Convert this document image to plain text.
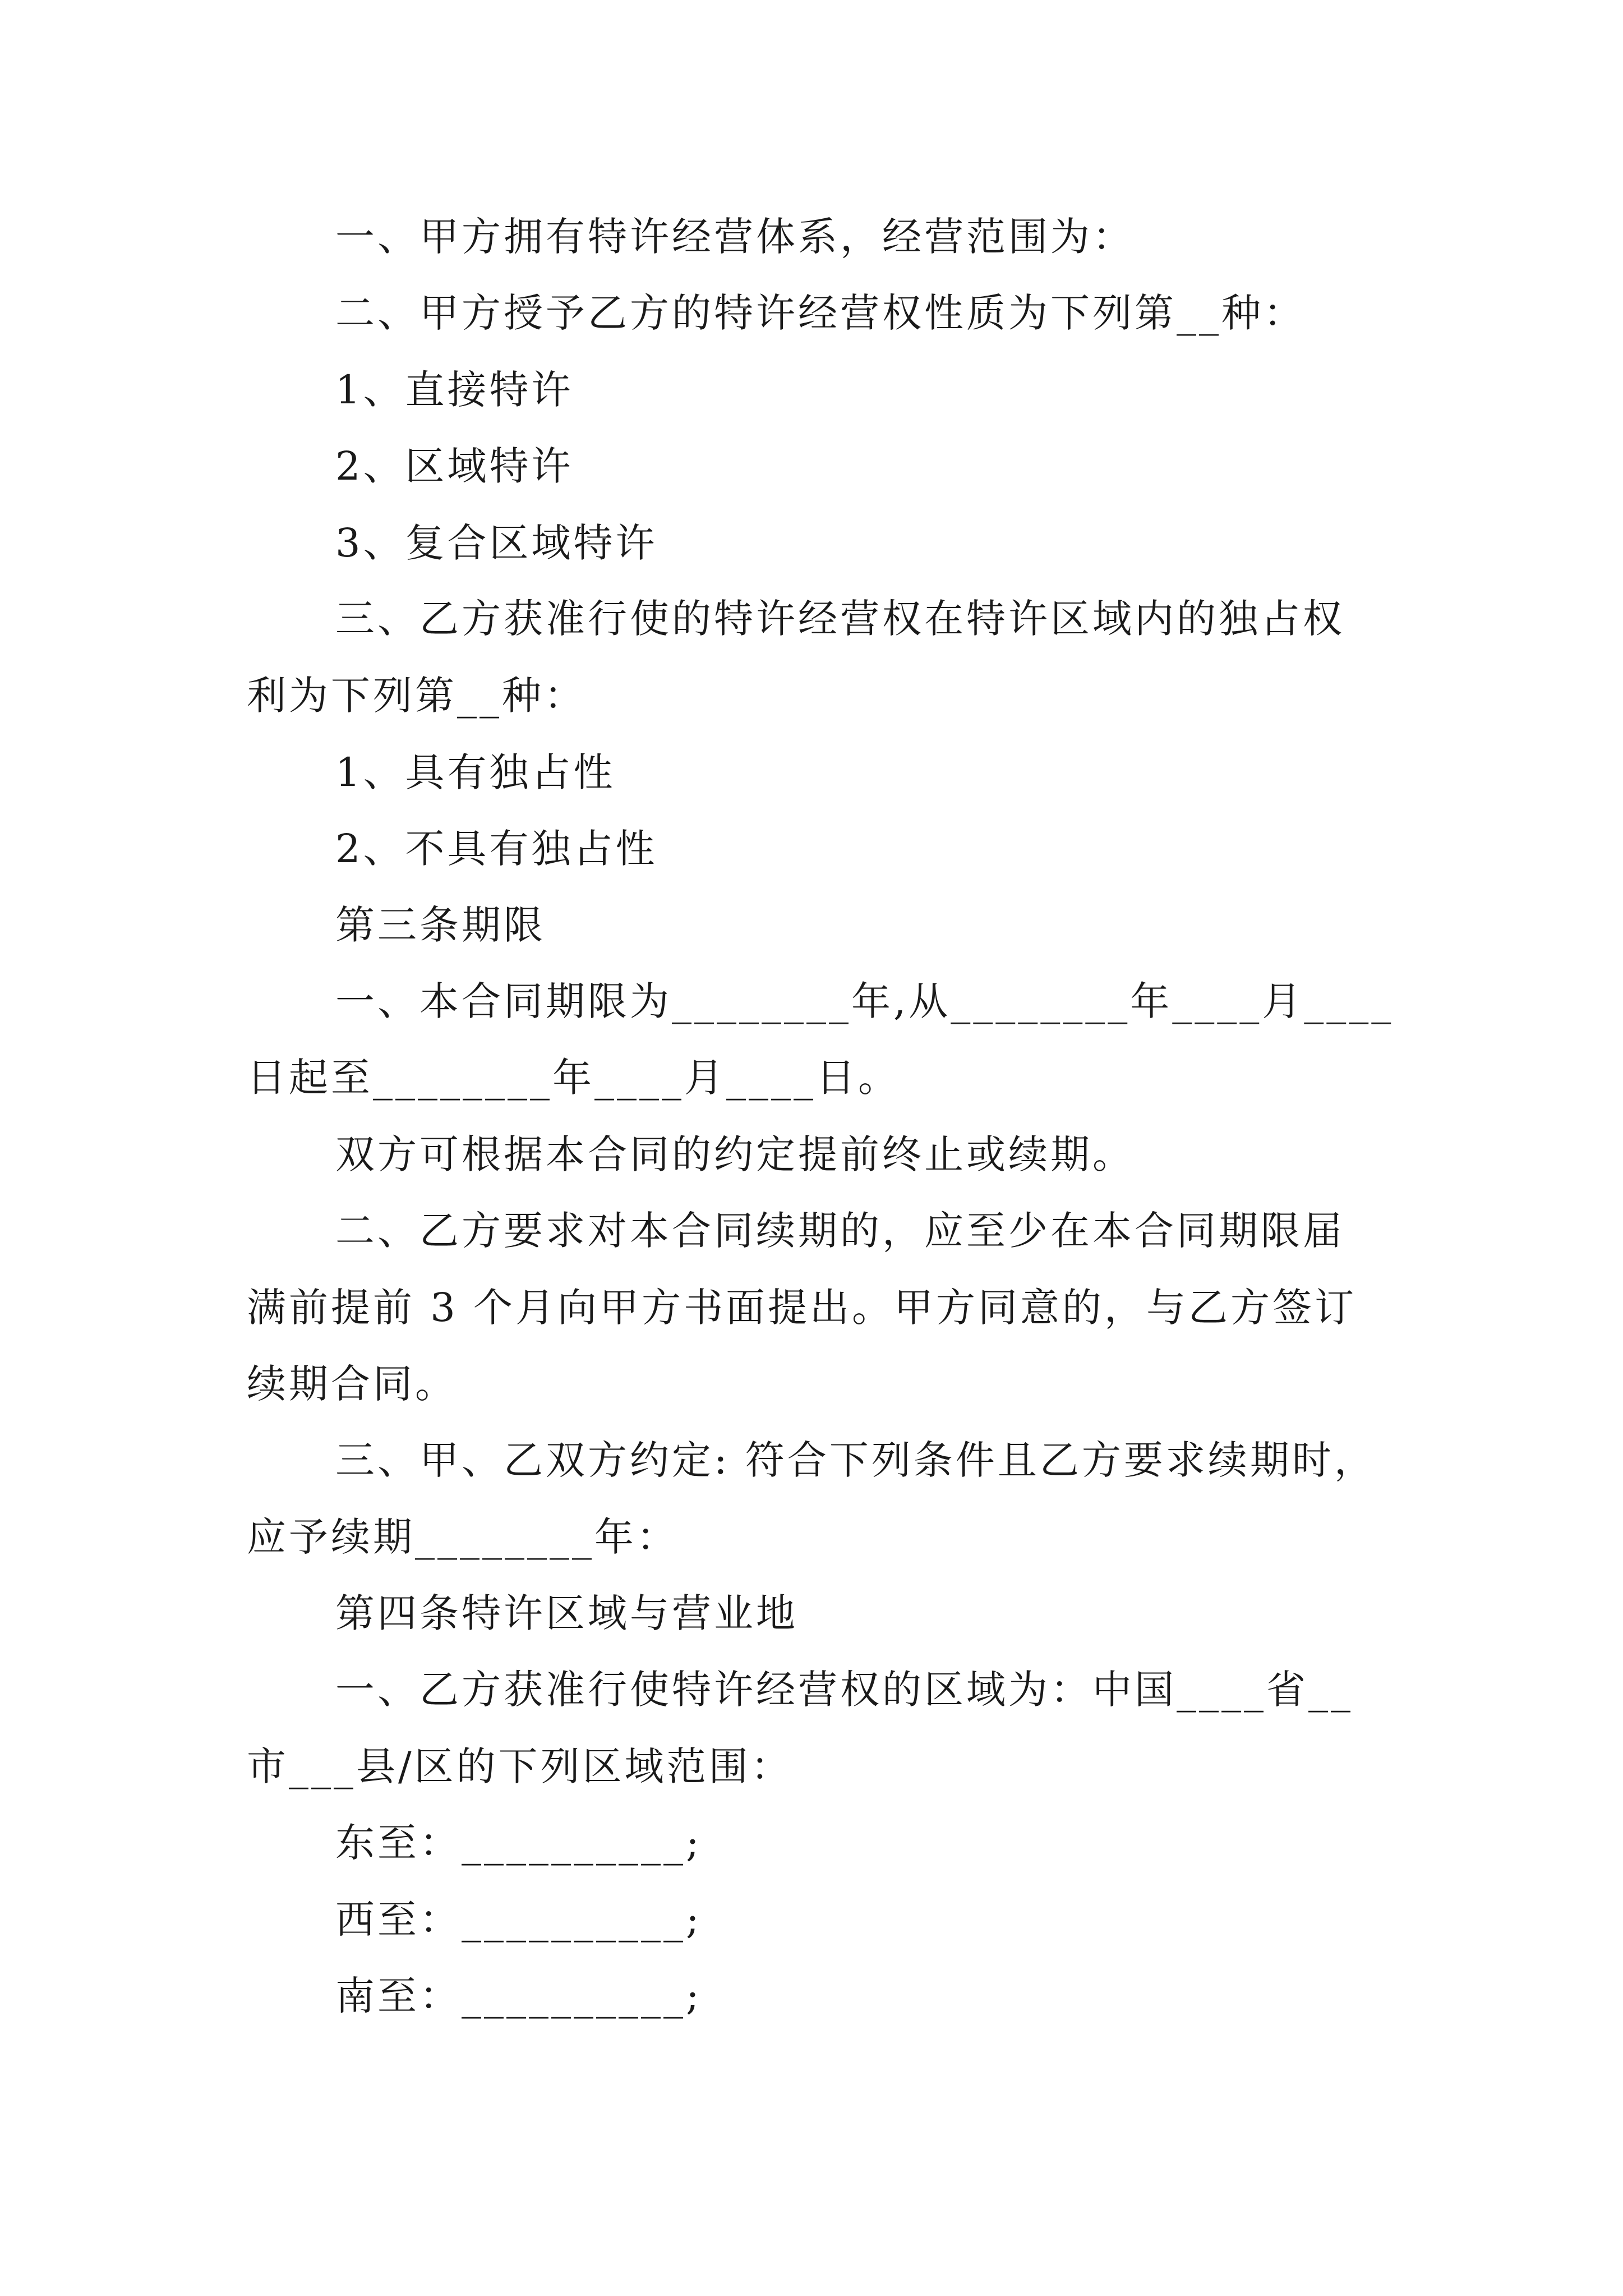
一、甲方拥有特许经营体系，经营范围为：
二、甲方授予乙方的特许经营权性质为下列第__种：
1、直接特许
2、区域特许
3、复合区域特许
三、乙方获准行使的特许经营权在特许区域内的独占权
利为下列第__种：
1、具有独占性
2、不具有独占性
第三条期限
一、本合同期限为________年,从________年____月____
日起至________年____月____日。
双方可根据本合同的约定提前终止或续期。
二、乙方要求对本合同续期的，应至少在本合同期限届
满前提前 3 个月向甲方书面提出。甲方同意的，与乙方签订
续期合同。
三、甲、乙双方约定: 符合下列条件且乙方要求续期时，
应予续期________年：
第四条特许区域与营业地
一、乙方获准行使特许经营权的区域为：中国____省__
市___县/区的下列区域范围：
东至：__________;
西至：__________;
南至：__________;
